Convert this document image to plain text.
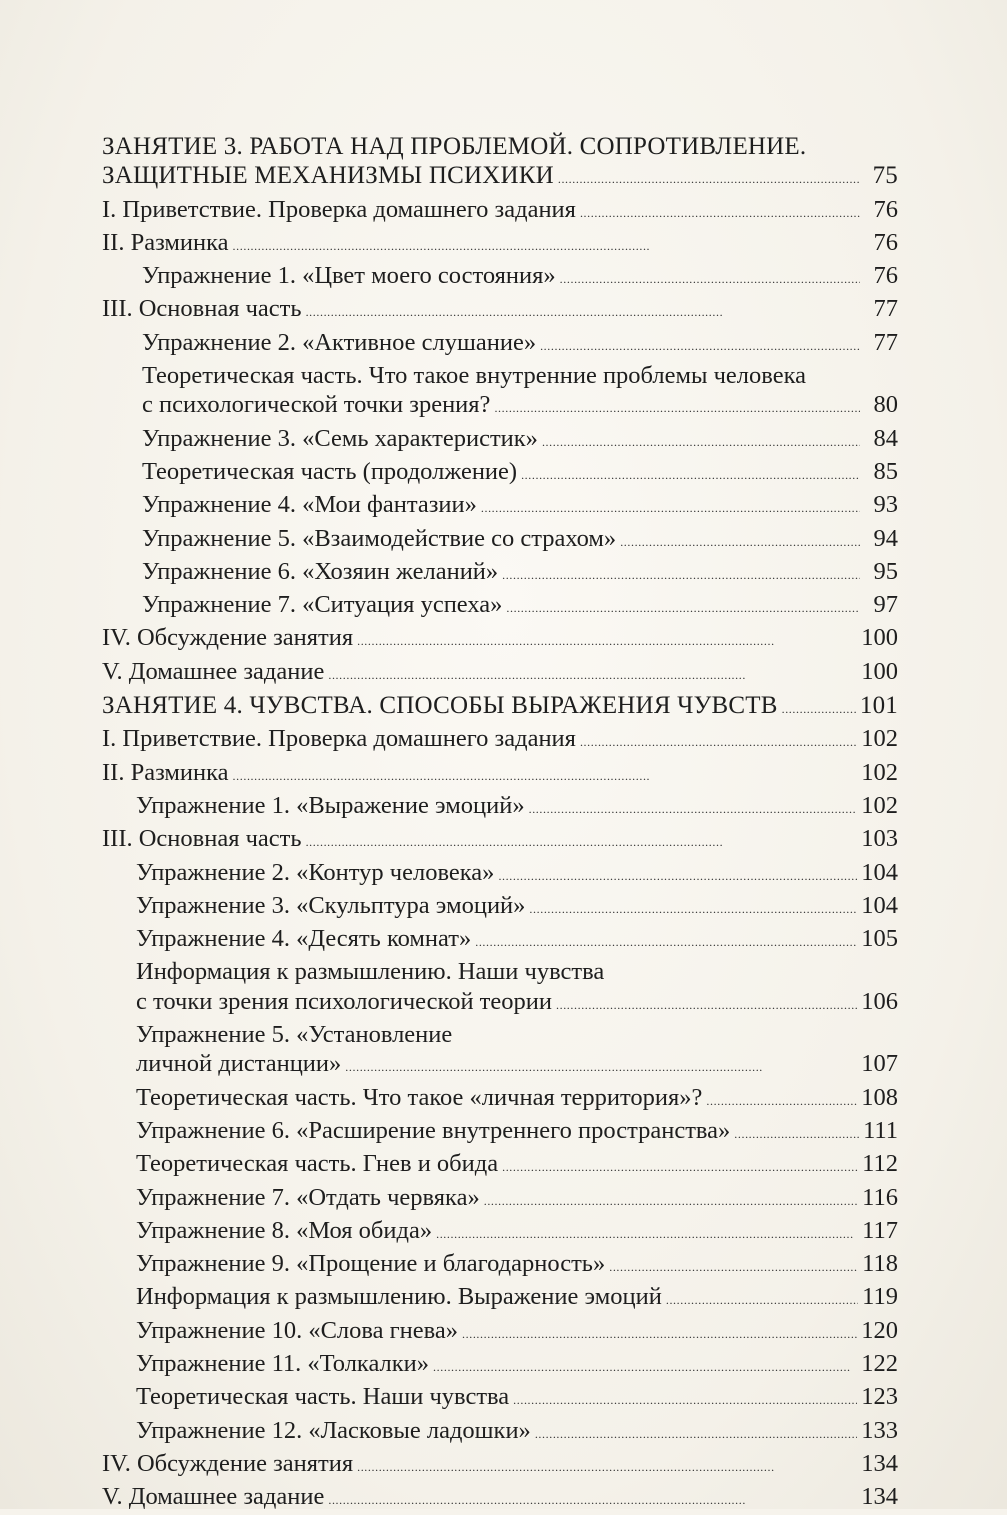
ЗАНЯТИЕ 3. РАБОТА НАД ПРОБЛЕМОЙ. СОПРОТИВЛЕНИЕ.
ЗАЩИТНЫЕ МЕХАНИЗМЫ ПСИХИКИ . . .	75
I. Приветствие. Проверка домашнего задания . . .	76
II. Разминка . . .	76
Упражнение 1. «Цвет моего состояния» . . .	76
III. Основная часть . . .	77
Упражнение 2. «Активное слушание» . . .	77
Теоретическая часть. Что такое внутренние проблемы человека
с психологической точки зрения? . . .	80
Упражнение 3. «Семь характеристик» . . .	84
Теоретическая часть (продолжение) . . .	85
Упражнение 4. «Мои фантазии» . . .	93
Упражнение 5. «Взаимодействие со страхом» . . .	94
Упражнение 6. «Хозяин желаний» . . .	95
Упражнение 7. «Ситуация успеха» . . .	97
IV. Обсуждение занятия . . .	100
V. Домашнее задание . . .	100
ЗАНЯТИЕ 4. ЧУВСТВА. СПОСОБЫ ВЫРАЖЕНИЯ ЧУВСТВ . . .	101
I. Приветствие. Проверка домашнего задания . . .	102
II. Разминка . . .	102
Упражнение 1. «Выражение эмоций» . . .	102
III. Основная часть . . .	103
Упражнение 2. «Контур человека» . . .	104
Упражнение 3. «Скульптура эмоций» . . .	104
Упражнение 4. «Десять комнат» . . .	105
Информация к размышлению. Наши чувства
с точки зрения психологической теории . . .	106
Упражнение 5. «Установление
личной дистанции» . . .	107
Теоретическая часть. Что такое «личная территория»? . . .	108
Упражнение 6. «Расширение внутреннего пространства» . . .	111
Теоретическая часть. Гнев и обида . . .	112
Упражнение 7. «Отдать червяка» . . .	116
Упражнение 8. «Моя обида» . . .	117
Упражнение 9. «Прощение и благодарность» . . .	118
Информация к размышлению. Выражение эмоций . . .	119
Упражнение 10. «Слова гнева» . . .	120
Упражнение 11. «Толкалки» . . .	122
Теоретическая часть. Наши чувства . . .	123
Упражнение 12. «Ласковые ладошки» . . .	133
IV. Обсуждение занятия . . .	134
V. Домашнее задание . . .	134
